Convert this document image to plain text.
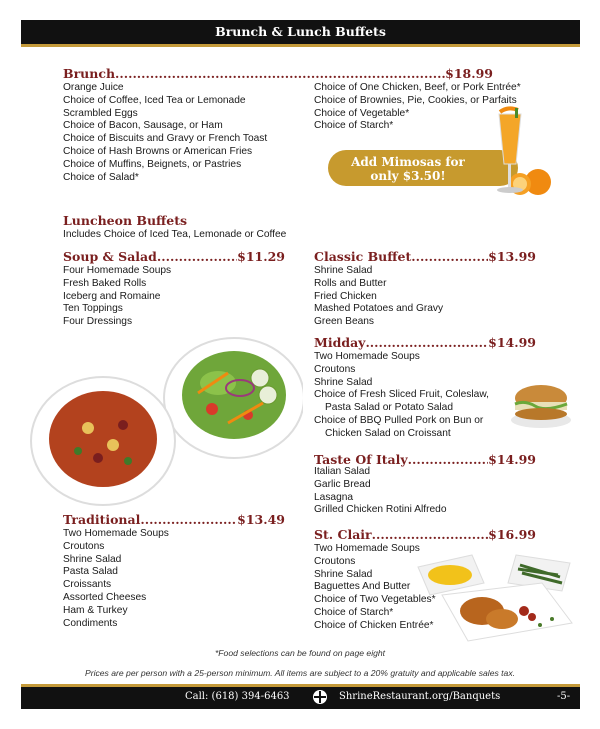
Brunch & Lunch Buffets
Brunch .....	$18.99
Orange Juice
Choice of Coffee, Iced Tea or Lemonade
Scrambled Eggs
Choice of Bacon, Sausage, or Ham
Choice of Biscuits and Gravy or French Toast
Choice of Hash Browns or American Fries
Choice of Muffins, Beignets, or Pastries
Choice of Salad*
Choice of One Chicken, Beef, or Pork Entrée*
Choice of Brownies, Pie, Cookies, or Parfaits
Choice of Vegetable*
Choice of Starch*
Add Mimosas for
only $3.50!
Luncheon Buffets
Includes Choice of Iced Tea, Lemonade or Coffee
Soup & Salad .....	$11.29
Four Homemade Soups
Fresh Baked Rolls
Iceberg and Romaine
Ten Toppings
Four Dressings
Classic Buffet .....	$13.99
Shrine Salad
Rolls and Butter
Fried Chicken
Mashed Potatoes and Gravy
Green Beans
Midday .....	$14.99
Two Homemade Soups
Croutons
Shrine Salad
Choice of Fresh Sliced Fruit, Coleslaw,
Pasta Salad or Potato Salad
Choice of BBQ Pulled Pork on Bun or
Chicken Salad on Croissant
Taste Of Italy .....	$14.99
Italian Salad
Garlic Bread
Lasagna
Grilled Chicken Rotini Alfredo
Traditional .....	$13.49
Two Homemade Soups
Croutons
Shrine Salad
Pasta Salad
Croissants
Assorted Cheeses
Ham & Turkey
Condiments
St. Clair .....	$16.99
Two Homemade Soups
Croutons
Shrine Salad
Baguettes And Butter
Choice of Two Vegetables*
Choice of Starch*
Choice of Chicken Entrée*
*Food selections can be found on page eight
Prices are per person with a 25-person minimum. All items are subject to a 20% gratuity and applicable sales tax.
Call: (618) 394-6463	ShrineRestaurant.org/Banquets	-5-
